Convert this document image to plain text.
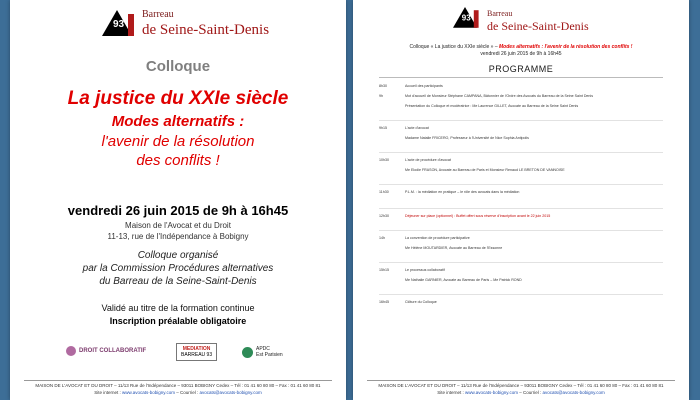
93
Barreau
de Seine-Saint-Denis
Colloque
La justice du XXIe siècle
Modes alternatifs :
l'avenir de la résolution
des conflits !
vendredi 26 juin 2015 de 9h à 16h45
Maison de l'Avocat et du Droit
11-13, rue de l'Indépendance à Bobigny
Colloque organisé
par la Commission Procédures alternatives
du Barreau de la Seine-Saint-Denis
Validé au titre de la formation continue
Inscription préalable obligatoire
DROIT COLLABORATIF	MEDIATION
BARREAU 93
APDC
Est Parisien
MAISON DE L'AVOCAT ET DU DROIT – 11/13 Rue de l'Indépendance – 93011 BOBIGNY Cedex – Tél : 01 41 60 80 80 – Fax : 01 41 60 80 81
Site internet : www.avocats-bobigny.com – Courriel : avocats@avocats-bobigny.com
93
Barreau
de Seine-Saint-Denis
Colloque « La justice du XXIe siècle » – Modes alternatifs : l'avenir de la résolution des conflits !
vendredi 26 juin 2015 de 9h à 16h45
PROGRAMME
8h30	Accueil des participants
9h	Mot d'accueil de Monsieur Stéphane CAMPANA, Bâtonnier de l'Ordre des Avocats du Barreau de la Seine Saint Denis
Présentation du Colloque et modératrice : Me Laurence GILLET, Avocate au Barreau de la Seine Saint Denis
9h15	L'acte d'avocat
Madame Natalie FRICERO, Professeur à l'Université de Nice Sophia Antipolis
10h30	L'acte de procédure d'avocat
Me Elodie FRASON, Avocate au Barreau de Paris et Monsieur Renaud LE BRETON DE VANNOISE
11h30	P.L.M. : la médiation en pratique – le rôle des avocats dans la médiation
12h30	Déjeuner sur place (optionnel) : Buffet offert sous réserve d'inscription avant le 22 juin 2015
14h	La convention de procédure participative
Me Hélène MOUTARDIER, Avocate au Barreau de l'Essonne
15h15	Le processus collaboratif
Me Nathalie GARNIER, Avocate au Barreau de Paris – Me Patrick ROND
16h45	Clôture du Colloque
MAISON DE L'AVOCAT ET DU DROIT – 11/13 Rue de l'Indépendance – 93011 BOBIGNY Cedex – Tél : 01 41 60 80 80 – Fax : 01 41 60 80 81
Site internet : www.avocats-bobigny.com – Courriel : avocats@avocats-bobigny.com
